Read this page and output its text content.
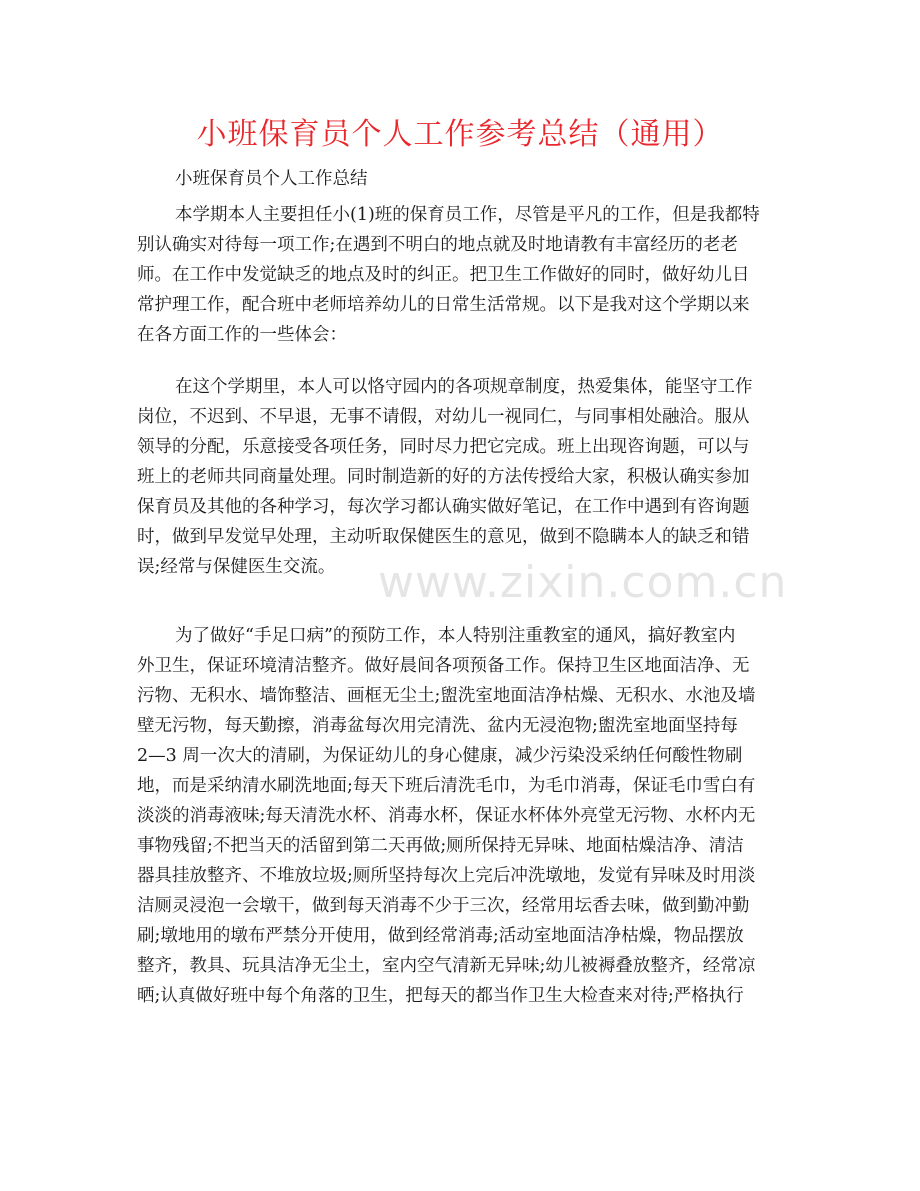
www.zixin.com.cn
小班保育员个人工作参考总结（通用）
小班保育员个人工作总结
本学期本人主要担任小(1)班的保育员工作，尽管是平凡的工作，但是我都特
别认确实对待每一项工作;在遇到不明白的地点就及时地请教有丰富经历的老老
师。在工作中发觉缺乏的地点及时的纠正。把卫生工作做好的同时，做好幼儿日
常护理工作，配合班中老师培养幼儿的日常生活常规。以下是我对这个学期以来
在各方面工作的一些体会：
在这个学期里，本人可以恪守园内的各项规章制度，热爱集体，能坚守工作
岗位，不迟到、不早退，无事不请假，对幼儿一视同仁，与同事相处融洽。服从
领导的分配，乐意接受各项任务，同时尽力把它完成。班上出现咨询题，可以与
班上的老师共同商量处理。同时制造新的好的方法传授给大家，积极认确实参加
保育员及其他的各种学习，每次学习都认确实做好笔记，在工作中遇到有咨询题
时，做到早发觉早处理，主动听取保健医生的意见，做到不隐瞒本人的缺乏和错
误;经常与保健医生交流。
为了做好“手足口病”的预防工作，本人特别注重教室的通风，搞好教室内
外卫生，保证环境清洁整齐。做好晨间各项预备工作。保持卫生区地面洁净、无
污物、无积水、墙饰整洁、画框无尘土;盥洗室地面洁净枯燥、无积水、水池及墙
壁无污物，每天勤擦，消毒盆每次用完清洗、盆内无浸泡物;盥洗室地面坚持每
2—3 周一次大的清刷，为保证幼儿的身心健康，减少污染没采纳任何酸性物刷
地，而是采纳清水刷洗地面;每天下班后清洗毛巾，为毛巾消毒，保证毛巾雪白有
淡淡的消毒液味;每天清洗水杯、消毒水杯，保证水杯体外亮堂无污物、水杯内无
事物残留;不把当天的活留到第二天再做;厕所保持无异味、地面枯燥洁净、清洁
器具挂放整齐、不堆放垃圾;厕所坚持每次上完后冲洗墩地，发觉有异味及时用淡
洁厕灵浸泡一会墩干，做到每天消毒不少于三次，经常用坛香去味，做到勤冲勤
刷;墩地用的墩布严禁分开使用，做到经常消毒;活动室地面洁净枯燥，物品摆放
整齐，教具、玩具洁净无尘土，室内空气清新无异味;幼儿被褥叠放整齐，经常凉
晒;认真做好班中每个角落的卫生，把每天的都当作卫生大检查来对待;严格执行
